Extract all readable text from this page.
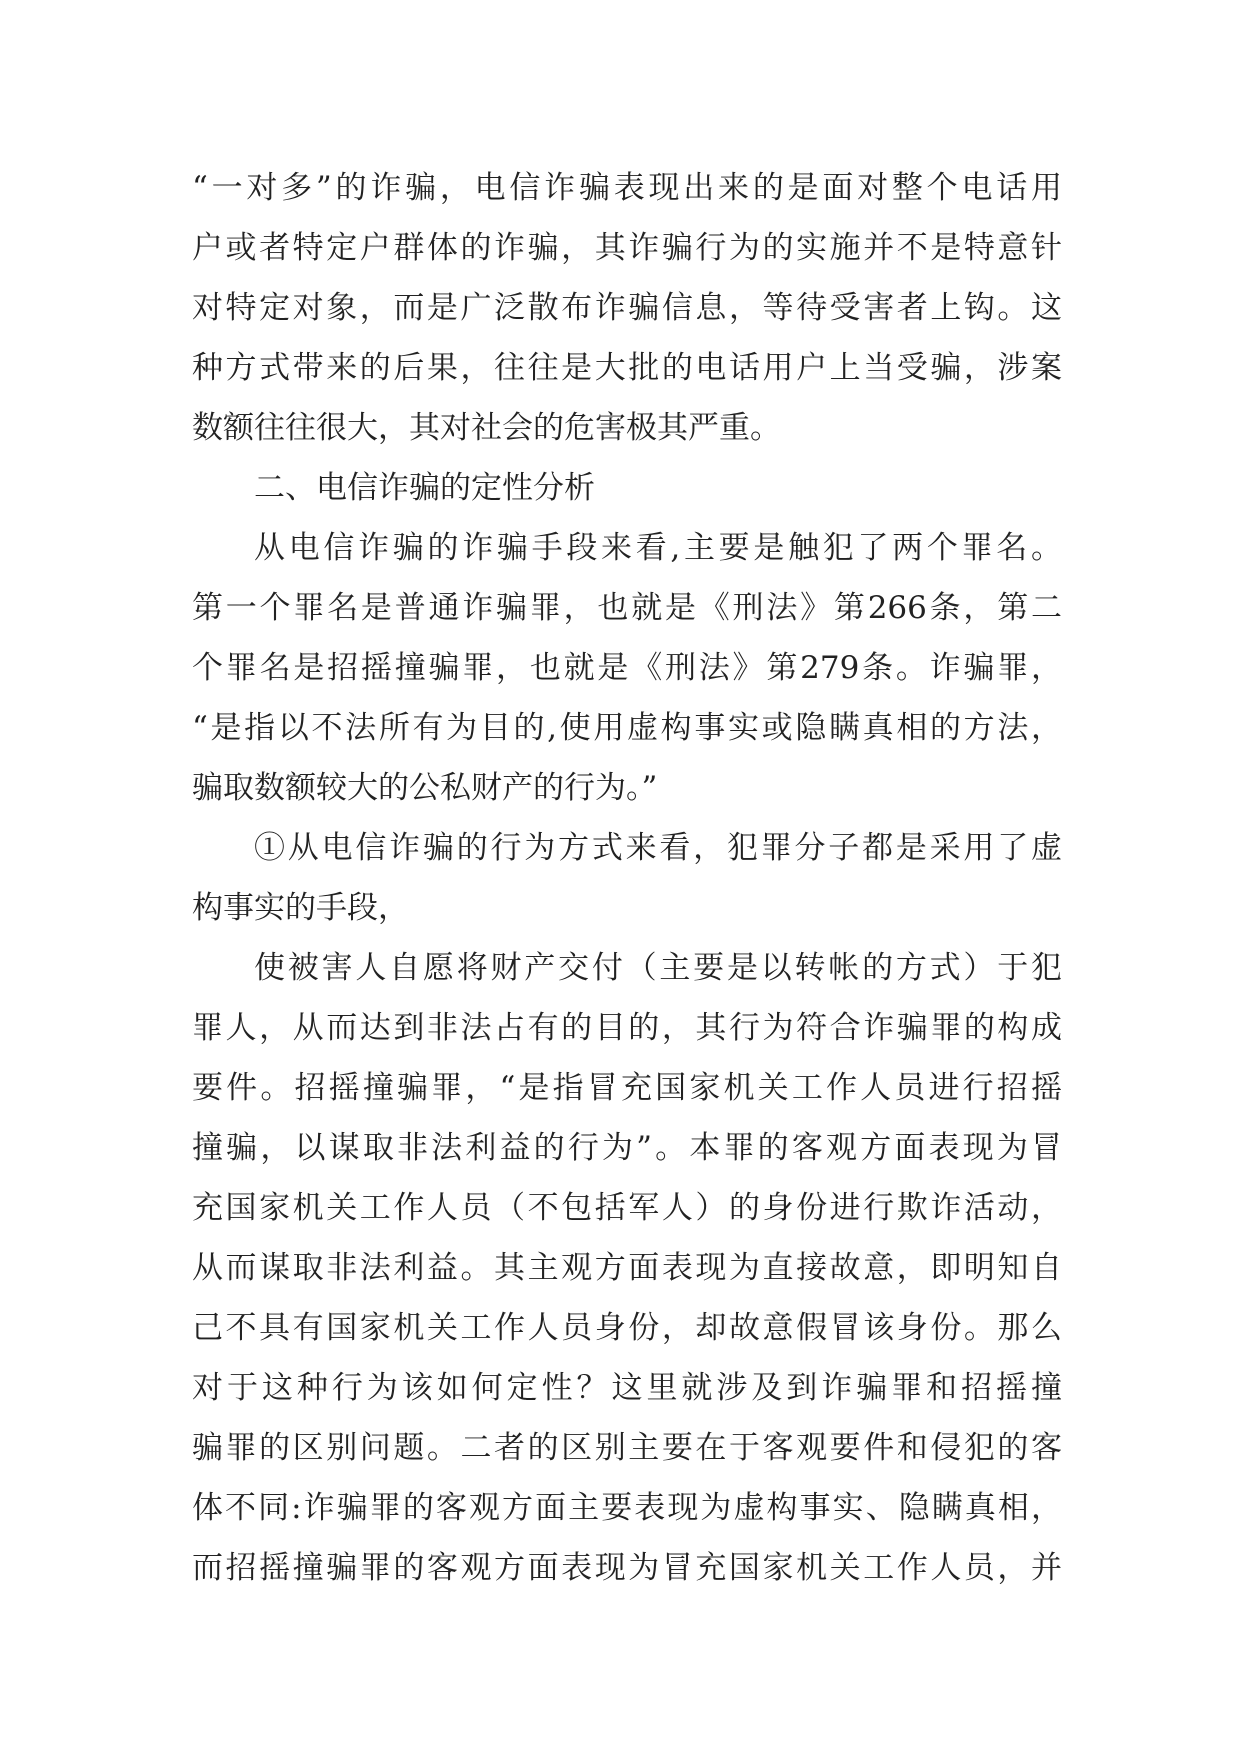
“一对多”的诈骗，电信诈骗表现出来的是面对整个电话用
户或者特定户群体的诈骗，其诈骗行为的实施并不是特意针
对特定对象，而是广泛散布诈骗信息，等待受害者上钩。这
种方式带来的后果，往往是大批的电话用户上当受骗，涉案
数额往往很大，其对社会的危害极其严重。
二、电信诈骗的定性分析
从电信诈骗的诈骗手段来看,主要是触犯了两个罪名。
第一个罪名是普通诈骗罪，也就是《刑法》第266条，第二
个罪名是招摇撞骗罪，也就是《刑法》第279条。诈骗罪，
“是指以不法所有为目的,使用虚构事实或隐瞒真相的方法，
骗取数额较大的公私财产的行为。”
①从电信诈骗的行为方式来看，犯罪分子都是采用了虚
构事实的手段，
使被害人自愿将财产交付（主要是以转帐的方式）于犯
罪人，从而达到非法占有的目的，其行为符合诈骗罪的构成
要件。招摇撞骗罪，“是指冒充国家机关工作人员进行招摇
撞骗，以谋取非法利益的行为”。本罪的客观方面表现为冒
充国家机关工作人员（不包括军人）的身份进行欺诈活动，
从而谋取非法利益。其主观方面表现为直接故意，即明知自
己不具有国家机关工作人员身份，却故意假冒该身份。那么
对于这种行为该如何定性？这里就涉及到诈骗罪和招摇撞
骗罪的区别问题。二者的区别主要在于客观要件和侵犯的客
体不同:诈骗罪的客观方面主要表现为虚构事实、隐瞒真相，
而招摇撞骗罪的客观方面表现为冒充国家机关工作人员，并
